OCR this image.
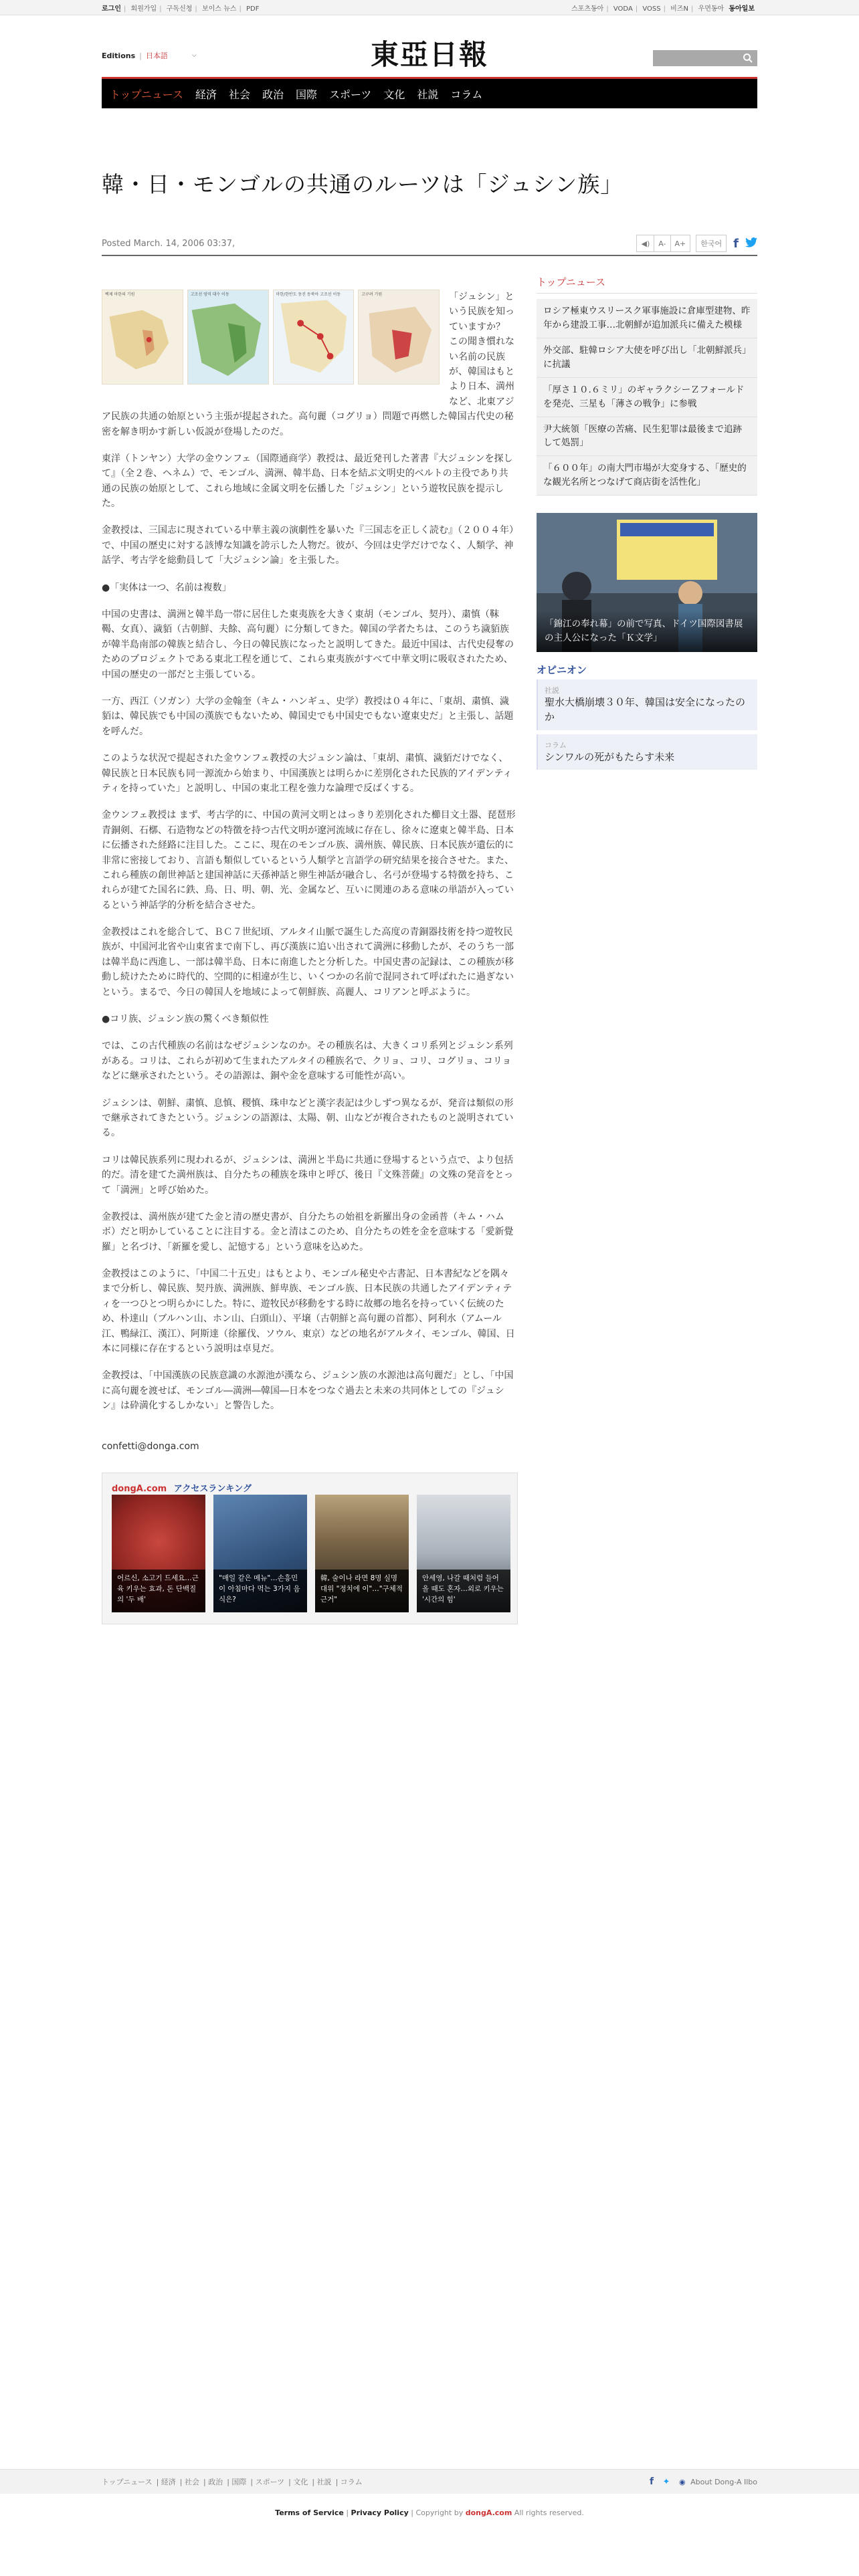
로그인 | 회원가입 | 구독신청 | 보이스 뉴스 | PDF	스포츠동아 | VODA | VOSS | 비즈N | 우먼동아 동아일보
Editions | 日本語	⌵	東亞日報
トップニュース 経済 社会 政治 国際 スポーツ 文化 社説 コラム
韓・日・モンゴルの共通のルーツは「ジュシン族」
Posted March. 14, 2006 03:37,	◀)	A-	A+	한국어 f
백제 마한의 기원	고조선 영역 대수 이동	마한/한반도 동진 동북아 고조선 이동	고구려 기원	「ジュシン」という民族を知っていますか？ この聞き慣れない名前の民族が、韓国はもとより日本、満州など、北東アジア民族の共通の始原という主張が提起された。高句麗（コグリョ）問題で再燃した韓国古代史の秘密を解き明かす新しい仮説が登場したのだ。

東洋（トンヤン）大学の金ウンフェ（国際通商学）教授は、最近発刊した著書『大ジュシンを探して』（全２巻、ヘネム）で、モンゴル、満洲、韓半島、日本を結ぶ文明史的ベルトの主役であり共通の民族の始原として、これら地域に金属文明を伝播した「ジュシン」という遊牧民族を提示した。

金教授は、三国志に現されている中華主義の演劇性を暴いた『三国志を正しく読む』（２００４年）で、中国の歴史に対する該博な知識を誇示した人物だ。彼が、今回は史学だけでなく、人類学、神話学、考古学を総動員して「大ジュシン論」を主張した。

●「実体は一つ、名前は複数」

中国の史書は、満洲と韓半島一帯に居住した東夷族を大きく東胡（モンゴル、契丹）、粛慎（靺鞨、女真）、濊貊（古朝鮮、夫餘、高句麗）に分類してきた。韓国の学者たちは、このうち濊貊族が韓半島南部の韓族と結合し、今日の韓民族になったと説明してきた。最近中国は、古代史侵奪のためのプロジェクトである東北工程を通じて、これら東夷族がすべて中華文明に吸収されたため、中国の歴史の一部だと主張している。

一方、西江（ソガン）大学の金翰奎（キム・ハンギュ、史学）教授は０４年に、「東胡、粛慎、濊貊は、韓民族でも中国の漢族でもないため、韓国史でも中国史でもない遼東史だ」と主張し、話題を呼んだ。

このような状況で提起された金ウンフェ教授の大ジュシン論は、「東胡、粛慎、濊貊だけでなく、韓民族と日本民族も同一源流から始まり、中国漢族とは明らかに差別化された民族的アイデンティティを持っていた」と説明し、中国の東北工程を強力な論理で反ばくする。

金ウンフェ教授は まず、考古学的に、中国の黄河文明とはっきり差別化された櫛目文土器、琵琶形青銅剣、石槨、石造物などの特徴を持つ古代文明が遼河流域に存在し、徐々に遼東と韓半島、日本に伝播された経路に注目した。ここに、現在のモンゴル族、満州族、韓民族、日本民族が遺伝的に非常に密接しており、言語も類似しているという人類学と言語学の研究結果を接合させた。また、これら種族の創世神話と建国神話に天孫神話と卵生神話が融合し、名弓が登場する特徴を持ち、これらが建てた国名に鉄、鳥、日、明、朝、光、金属など、互いに関連のある意味の単語が入っているという神話学的分析を結合させた。

金教授はこれを総合して、ＢＣ７世紀頃、アルタイ山脈で誕生した高度の青銅器技術を持つ遊牧民族が、中国河北省や山東省まで南下し、再び漢族に追い出されて満洲に移動したが、そのうち一部は韓半島に西進し、一部は韓半島、日本に南進したと分析した。中国史書の記録は、この種族が移動し続けたために時代的、空間的に相違が生じ、いくつかの名前で混同されて呼ばれたに過ぎないという。まるで、今日の韓国人を地域によって朝鮮族、高麗人、コリアンと呼ぶように。

●コリ族、ジュシン族の驚くべき類似性

では、この古代種族の名前はなぜジュシンなのか。その種族名は、大きくコリ系列とジュシン系列がある。コリは、これらが初めて生まれたアルタイの種族名で、クリョ、コリ、コグリョ、コリョなどに継承されたという。その語源は、銅や金を意味する可能性が高い。

ジュシンは、朝鮮、粛慎、息慎、稷慎、珠申などと漢字表記は少しずつ異なるが、発音は類似の形で継承されてきたという。ジュシンの語源は、太陽、朝、山などが複合されたものと説明されている。

コリは韓民族系列に現われるが、ジュシンは、満洲と半島に共通に登場するという点で、より包括的だ。清を建てた満州族は、自分たちの種族を珠申と呼び、後日『文殊菩薩』の文殊の発音をとって「満洲」と呼び始めた。

金教授は、満州族が建てた金と清の歴史書が、自分たちの始祖を新羅出身の金函普（キム・ハムボ）だと明かしていることに注目する。金と清はこのため、自分たちの姓を金を意味する「愛新覺羅」と名づけ、「新羅を愛し、記憶する」という意味を込めた。

金教授はこのように、「中国二十五史」はもとより、モンゴル秘史や古書記、日本書紀などを隅々まで分析し、韓民族、契丹族、満洲族、鮮卑族、モンゴル族、日本民族の共通したアイデンティティを一つひとつ明らかにした。特に、遊牧民が移動をする時に故郷の地名を持っていく伝統のため、朴達山（ブルハン山、ホン山、白頭山）、平壌（古朝鮮と高句麗の首都）、阿利水（アムール江、鴨緑江、漢江）、阿斯達（徐羅伐、ソウル、東京）などの地名がアルタイ、モンゴル、韓国、日本に同様に存在するという説明は卓見だ。

金教授は、「中国漢族の民族意識の水源池が漢なら、ジュシン族の水源池は高句麗だ」とし、「中国に高句麗を渡せば、モンゴル―満洲―韓国―日本をつなぐ過去と未来の共同体としての『ジュシン』は砕満化するしかない」と警告した。

confetti@donga.com

dongA.com アクセスランキング
어르신, 소고기 드세요…근육 키우는 효과, 돈 단백질의 '두 배'
"매일 같은 메뉴"…손흥민이 아침마다 먹는 3가지 음식은?
韓, 술이나 라면 8명 실명 대위 "정치에 이"…"구체적 근거"
안세영, 나갈 때처럼 들어올 때도 혼자…외로 키우는 '시간의 힘'
トップニュース
ロシア極東ウスリースク軍事施設に倉庫型建物、昨年から建設工事…北朝鮮が追加派兵に備えた模様
外交部、駐韓ロシア大使を呼び出し「北朝鮮派兵」に抗議
「厚さ１０.６ミリ」のギャラクシーＺフォールドを発売、三星も「薄さの戦争」に参戦
尹大統領「医療の苦痛、民生犯罪は最後まで追跡して処罰」
「６００年」の南大門市場が大変身する、「歴史的な観光名所とつなげて商店街を活性化」
「錦江の奉れ幕」の前で写真、ドイツ国際図書展の主人公になった「Ｋ文学」
オピニオン
社説
聖水大橋崩壊３０年、韓国は安全になったのか
コラム
シンワルの死がもたらす未来
トップニュース | 経済 | 社会 | 政治 | 国際 | スポーツ | 文化 | 社説 | コラム	f ✦ ◉ About Dong-A Ilbo
Terms of Service | Privacy Policy | Copyright by dongA.com All rights reserved.
